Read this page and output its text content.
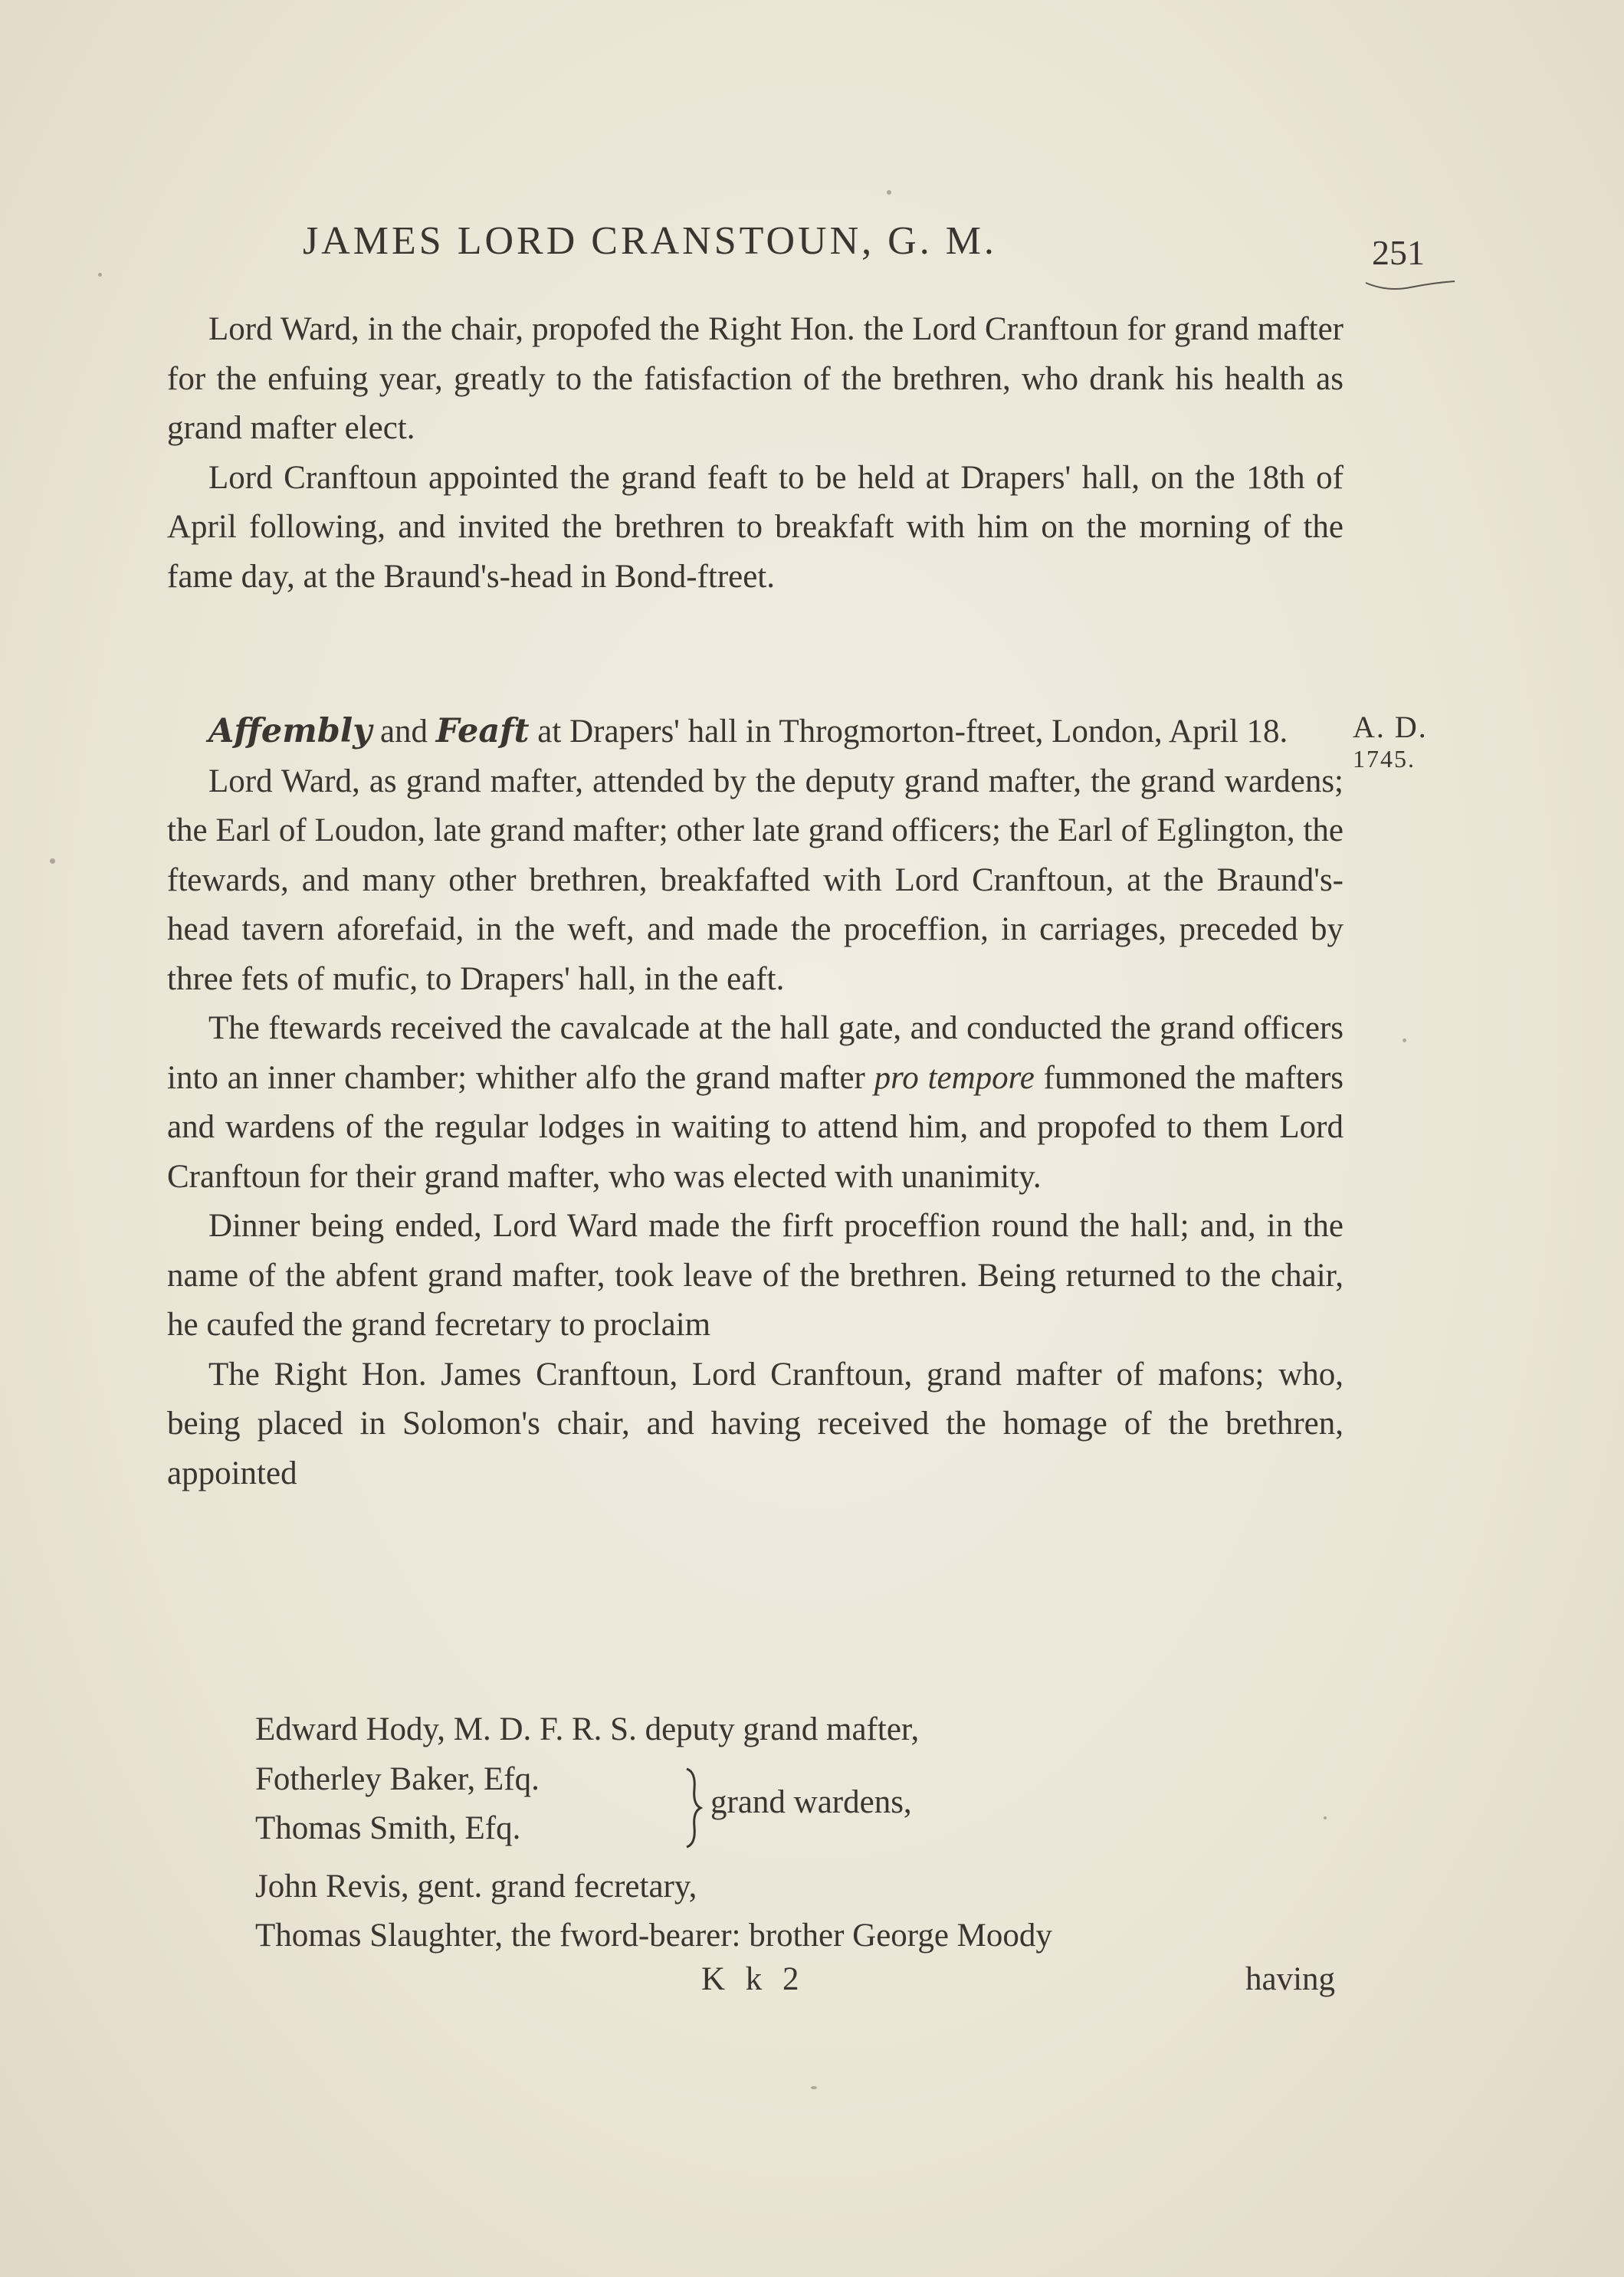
JAMES LORD CRANSTOUN, G. M.	251

Lord Ward, in the chair, propofed the Right Hon. the Lord Cranftoun for grand mafter for the enfuing year, greatly to the fatisfaction of the brethren, who drank his health as grand mafter elect.

Lord Cranftoun appointed the grand feaft to be held at Drapers' hall, on the 18th of April following, and invited the brethren to breakfaft with him on the morning of the fame day, at the Braund's-head in Bond-ftreet.

A. D.
1745.

Affembly and Feaft at Drapers' hall in Throgmorton-ftreet, London, April 18.

Lord Ward, as grand mafter, attended by the deputy grand mafter, the grand wardens; the Earl of Loudon, late grand mafter; other late grand officers; the Earl of Eglington, the ftewards, and many other brethren, breakfafted with Lord Cranftoun, at the Braund's-head tavern aforefaid, in the weft, and made the proceffion, in carriages, preceded by three fets of mufic, to Drapers' hall, in the eaft.

The ftewards received the cavalcade at the hall gate, and conducted the grand officers into an inner chamber; whither alfo the grand mafter pro tempore fummoned the mafters and wardens of the regular lodges in waiting to attend him, and propofed to them Lord Cranftoun for their grand mafter, who was elected with unanimity.

Dinner being ended, Lord Ward made the firft proceffion round the hall; and, in the name of the abfent grand mafter, took leave of the brethren. Being returned to the chair, he caufed the grand fecretary to proclaim

The Right Hon. James Cranftoun, Lord Cranftoun, grand mafter of mafons; who, being placed in Solomon's chair, and having received the homage of the brethren, appointed

Edward Hody, M. D. F. R. S. deputy grand mafter,
Fotherley Baker, Efq.
Thomas Smith, Efq.
grand wardens,
John Revis, gent. grand fecretary,
Thomas Slaughter, the fword-bearer: brother George Moody
K k 2	having
